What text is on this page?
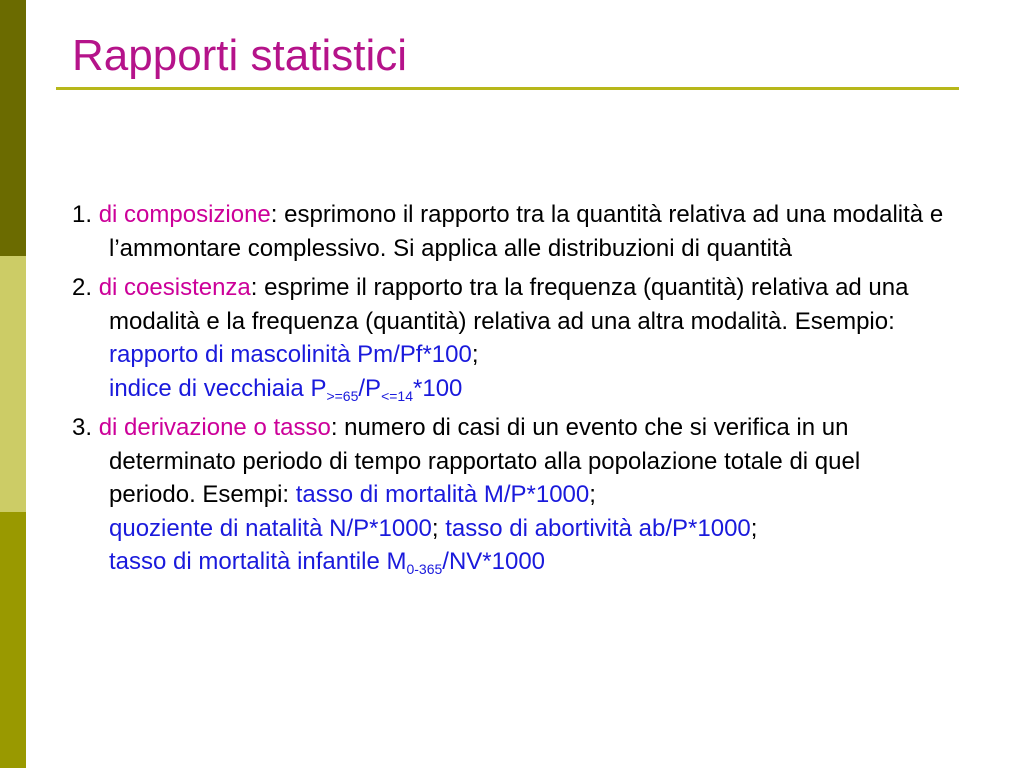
Rapporti statistici
1. di composizione: esprimono il rapporto tra la quantità relativa ad una modalità e l’ammontare complessivo. Si applica alle distribuzioni di quantità
2. di coesistenza: esprime il rapporto tra la frequenza (quantità) relativa ad una modalità e la frequenza (quantità) relativa ad una altra modalità. Esempio: rapporto di mascolinità Pm/Pf*100;
indice di vecchiaia $P_{>=65}/P_{<=14}*100$
3. di derivazione o tasso: numero di casi di un evento che si verifica in un determinato periodo di tempo rapportato alla popolazione totale di quel periodo. Esempi: tasso di mortalità M/P*1000;
quoziente di natalità N/P*1000; tasso di abortività ab/P*1000;
tasso di mortalità infantile $M_{0-365}/NV*1000$
